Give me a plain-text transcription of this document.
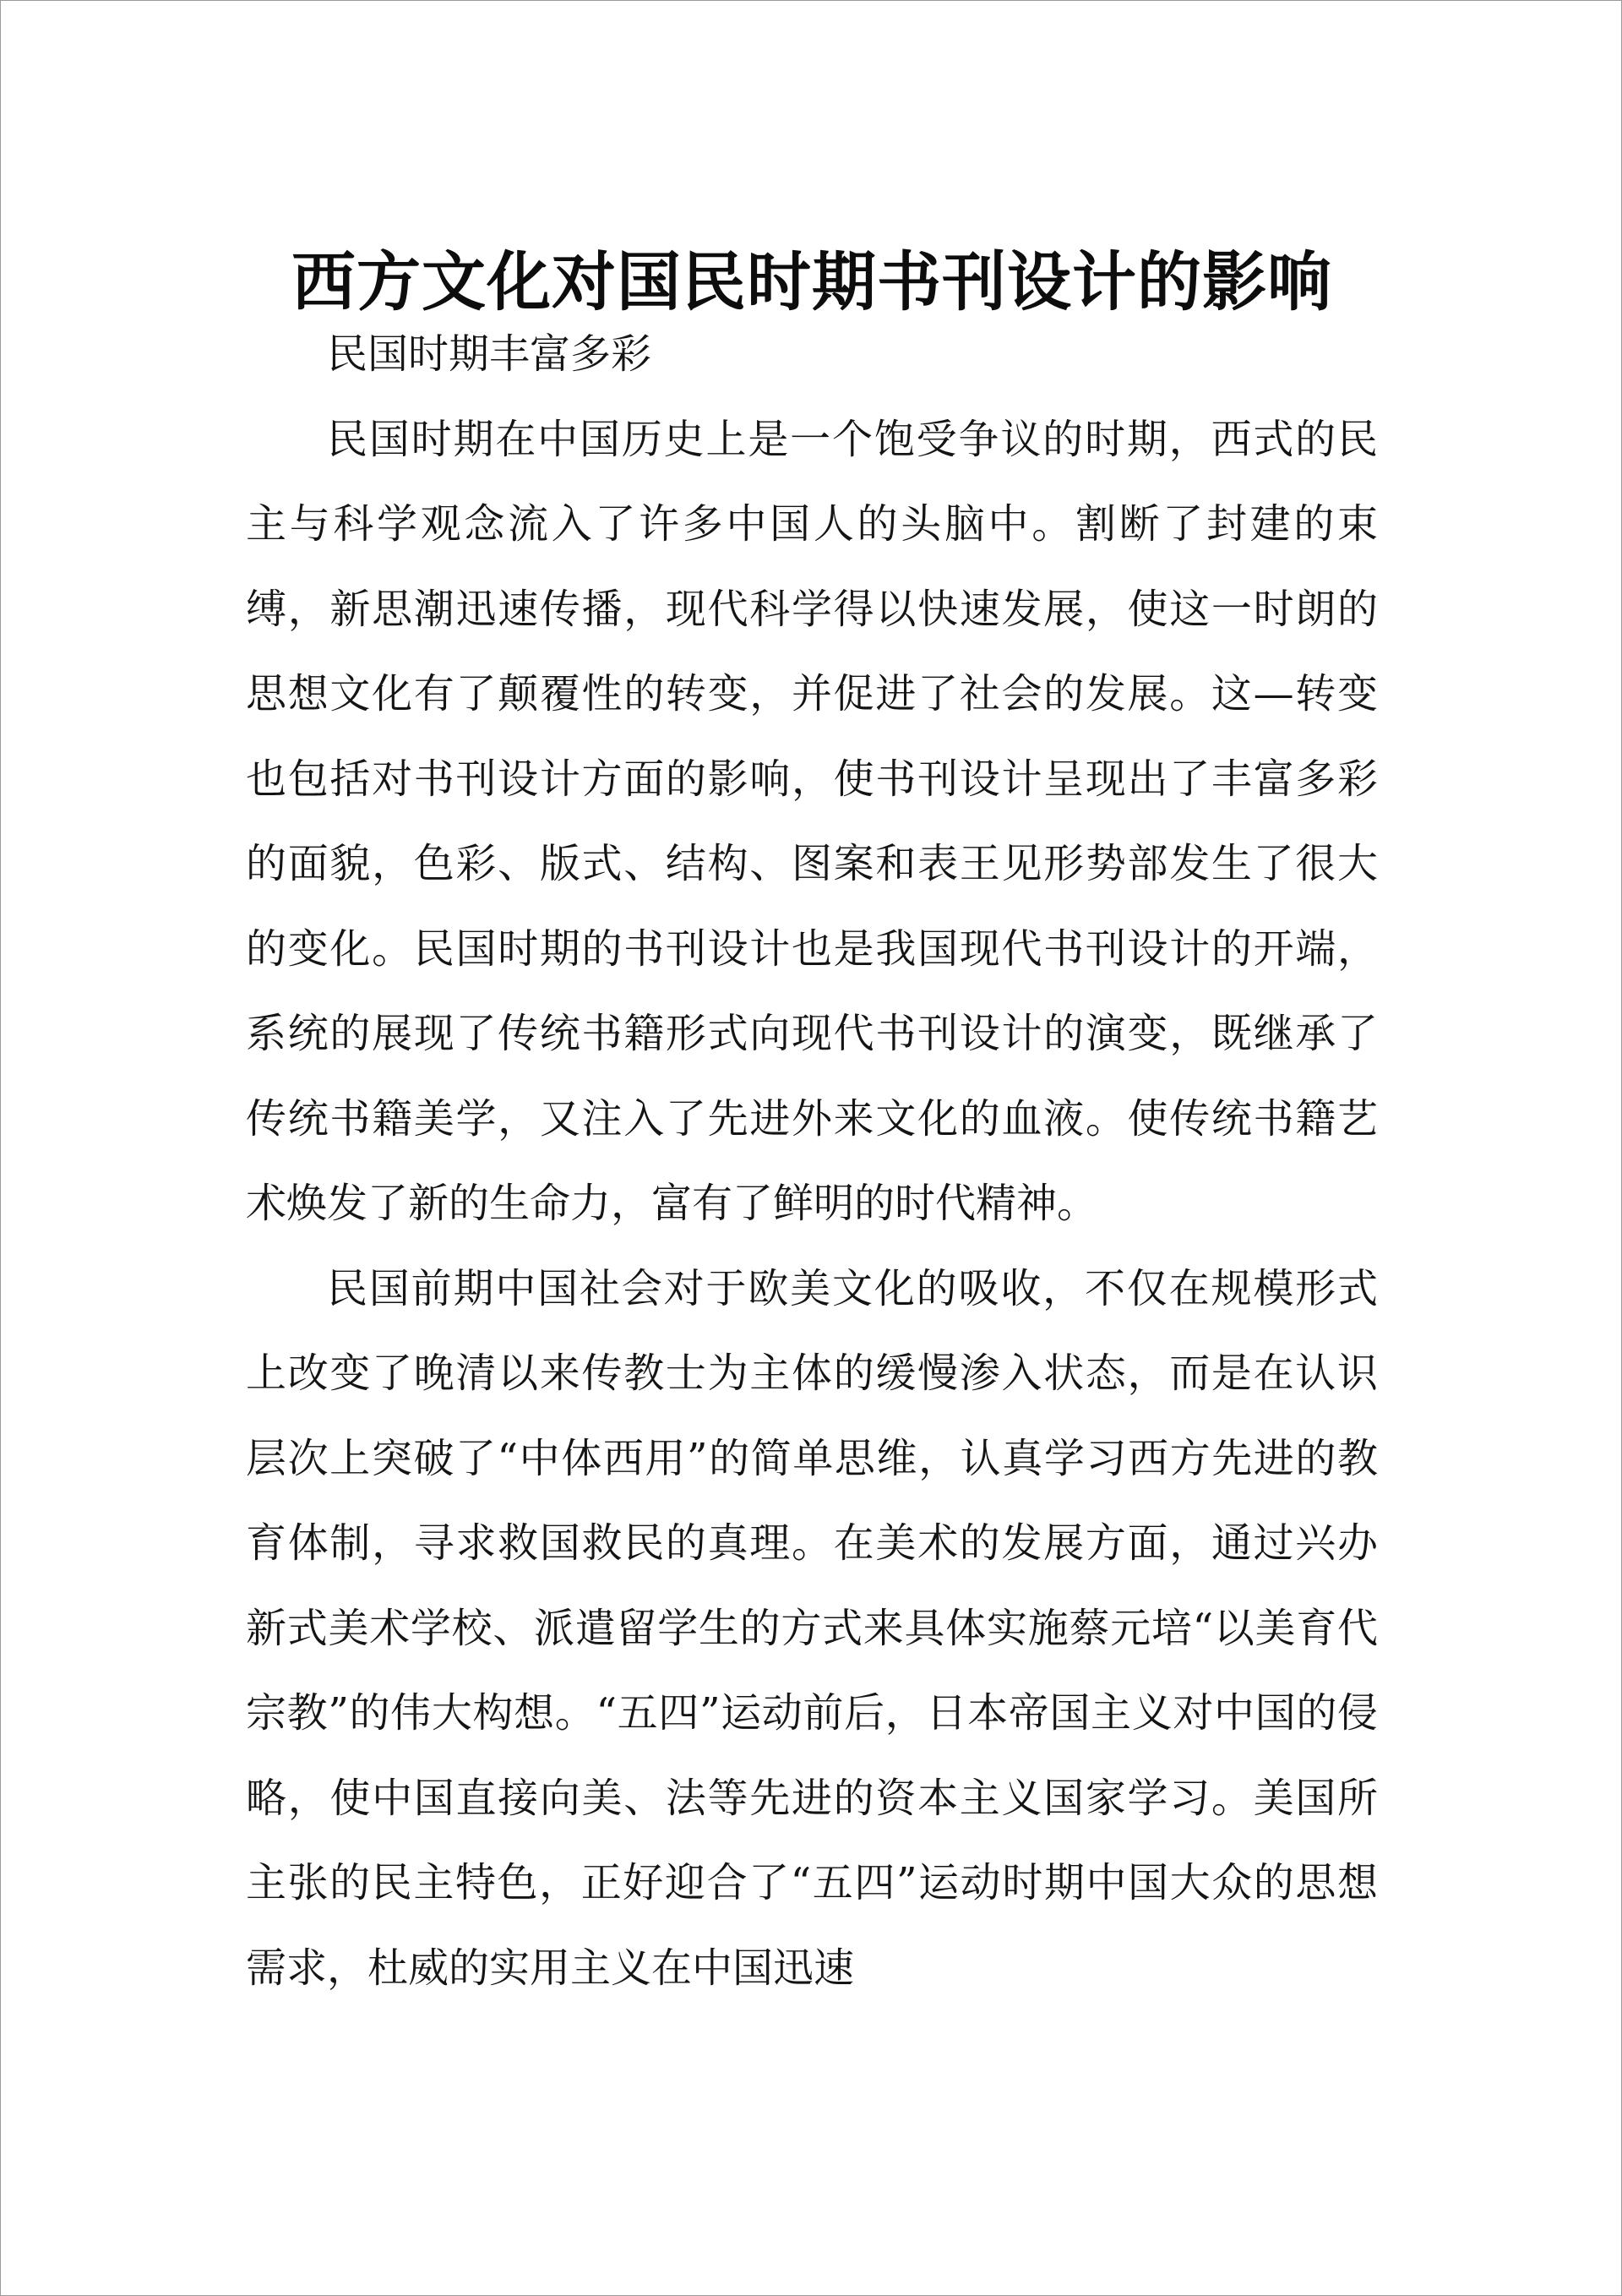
西方文化对国民时期书刊设计的影响

民国时期丰富多彩

民国时期在中国历史上是一个饱受争议的时期，西式的民主与科学观念流入了许多中国人的头脑中。割断了封建的束缚，新思潮迅速传播，现代科学得以快速发展，使这一时朗的思想文化有了颠覆性的转变，并促进了社会的发展。这—转变也包括对书刊设计方面的影响，使书刊设计呈现出了丰富多彩的面貌，色彩、版式、结构、图案和表王见形势部发生了很大的变化。民国时期的书刊设计也是我国现代书刊设计的开端，系统的展现了传统书籍形式向现代书刊设计的演变，既继承了传统书籍美学，又注入了先进外来文化的血液。使传统书籍艺术焕发了新的生命力，富有了鲜明的时代精神。

民国前期中国社会对于欧美文化的吸收，不仅在规模形式上改变了晚清以来传教士为主体的缓慢渗入状态，而是在认识层次上突破了“中体西用”的简单思维，认真学习西方先进的教育体制，寻求救国救民的真理。在美术的发展方面，通过兴办新式美术学校、派遣留学生的方式来具体实施蔡元培“以美育代宗教”的伟大构想。“五四”运动前后，日本帝国主义对中国的侵略，使中国直接向美、法等先进的资本主义国家学习。美国所主张的民主特色，正好迎合了“五四”运动时期中国大众的思想需求，杜威的实用主义在中国迅速
